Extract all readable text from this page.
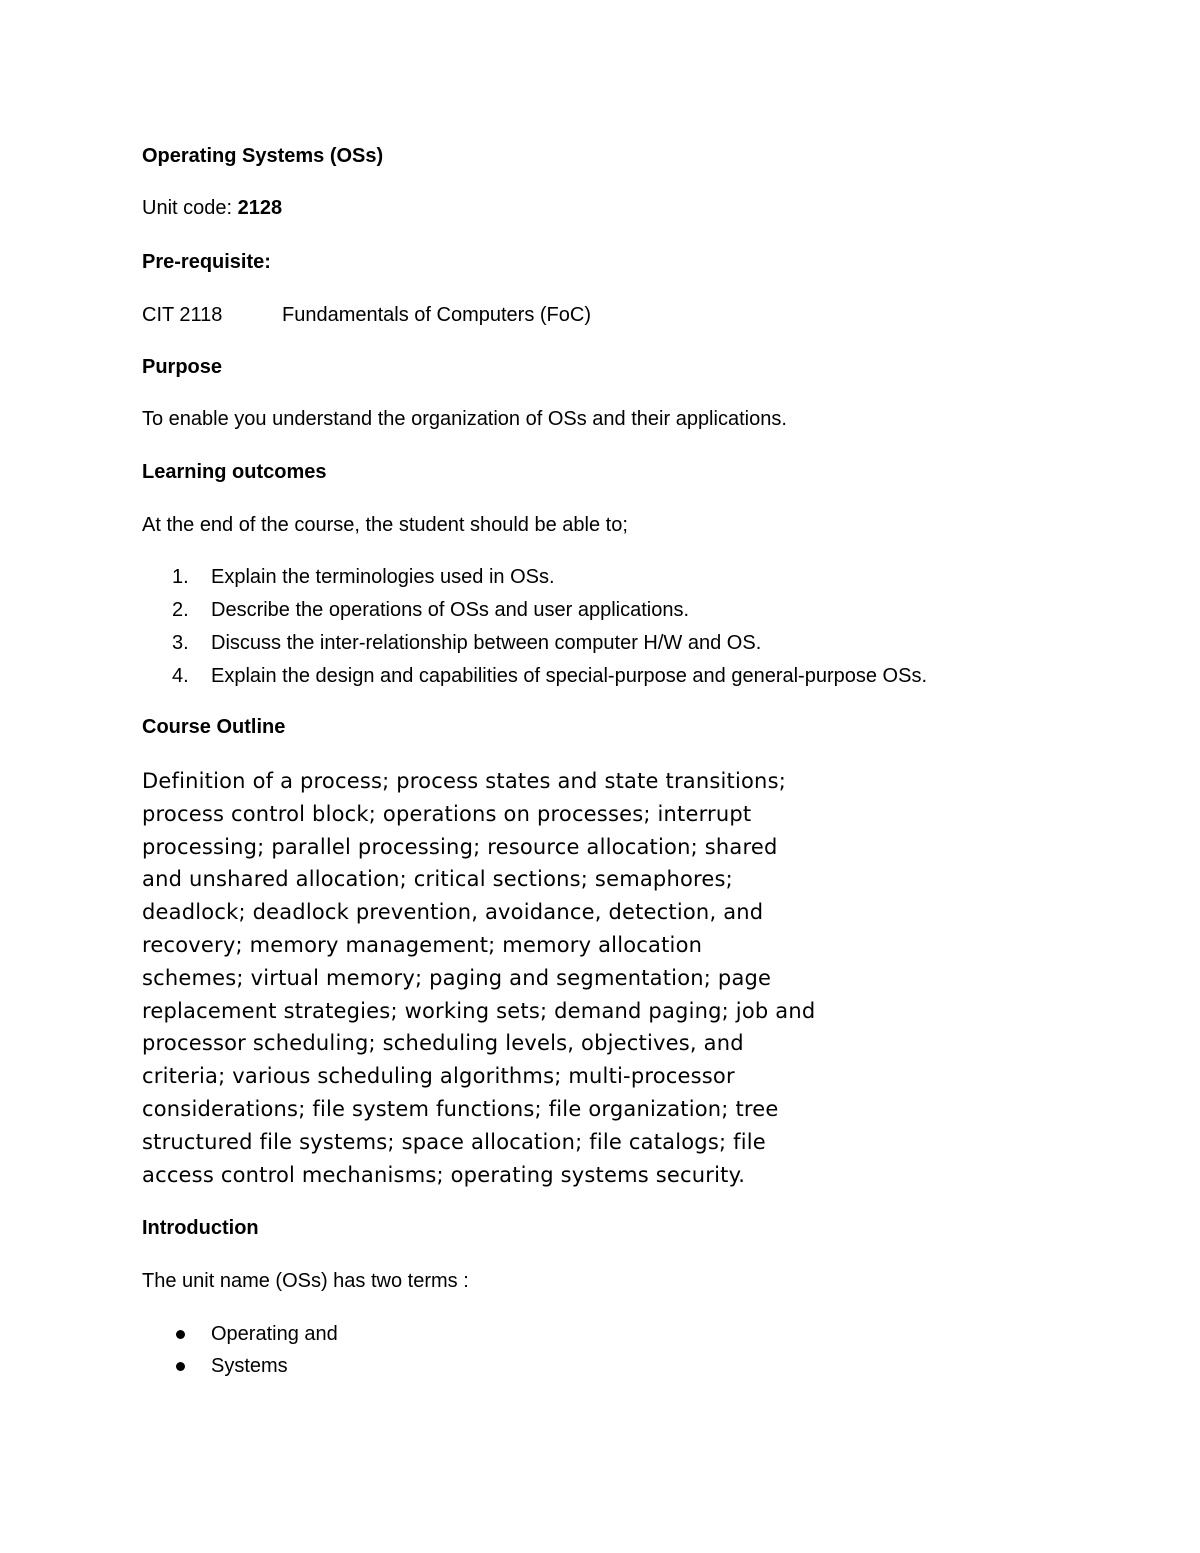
Operating Systems (OSs)
Unit code: 2128
Pre-requisite:
CIT 2118	Fundamentals of Computers (FoC)
Purpose
To enable you understand the organization of OSs and their applications.
Learning outcomes
At the end of the course, the student should be able to;
1. Explain the terminologies used in OSs.
2. Describe the operations of OSs and user applications.
3. Discuss the inter-relationship between computer H/W and OS.
4. Explain the design and capabilities of special-purpose and general-purpose OSs.
Course Outline
Definition of a process; process states and state transitions;
process control block; operations on processes; interrupt
processing; parallel processing; resource allocation; shared
and unshared allocation; critical sections; semaphores;
deadlock; deadlock prevention, avoidance, detection, and
recovery; memory management; memory allocation
schemes; virtual memory; paging and segmentation; page
replacement strategies; working sets; demand paging; job and
processor scheduling; scheduling levels, objectives, and
criteria; various scheduling algorithms; multi-processor
considerations; file system functions; file organization; tree
structured file systems; space allocation; file catalogs; file
access control mechanisms; operating systems security.
Introduction
The unit name (OSs) has two terms :
Operating and
Systems
